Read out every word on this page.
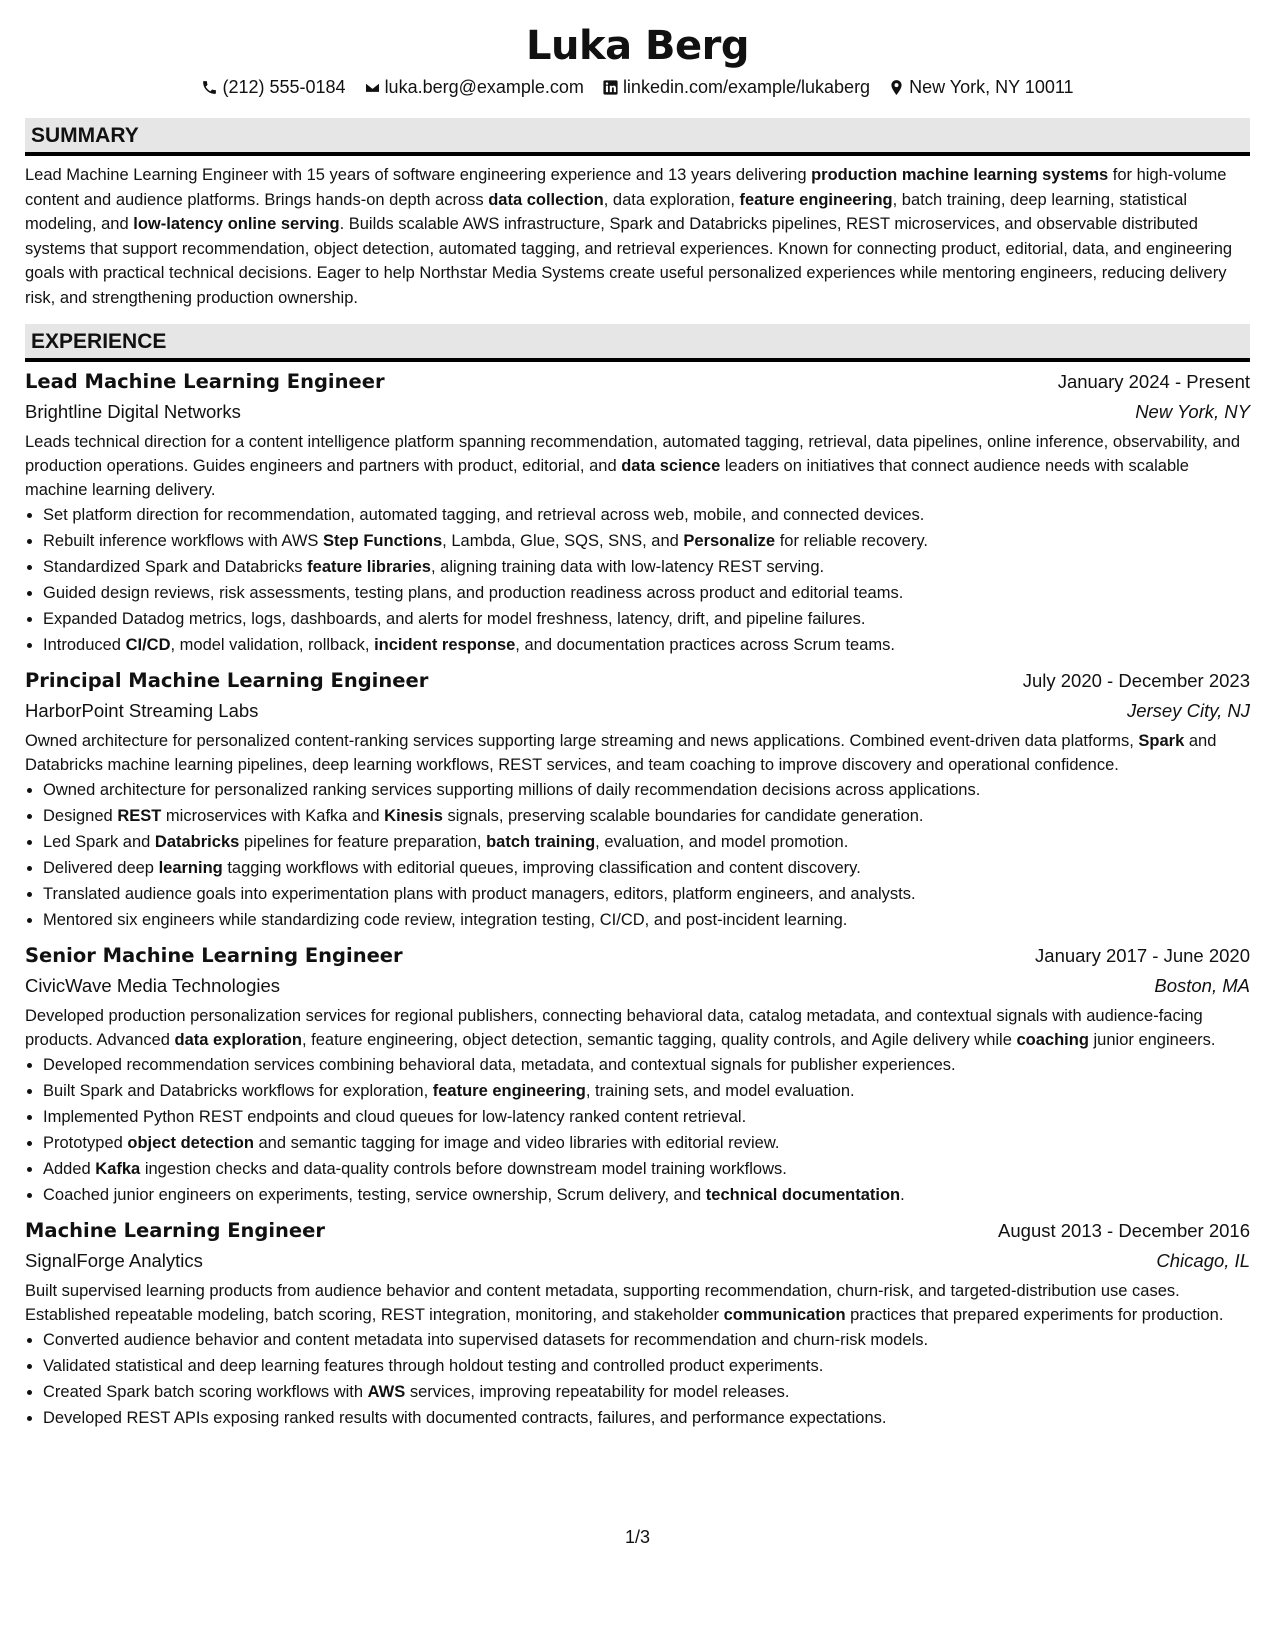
Luka Berg
(212) 555-0184 luka.berg@example.com linkedin.com/example/lukaberg New York, NY 10011
SUMMARY
Lead Machine Learning Engineer with 15 years of software engineering experience and 13 years delivering production machine learning systems for high-volume content and audience platforms. Brings hands-on depth across data collection, data exploration, feature engineering, batch training, deep learning, statistical modeling, and low-latency online serving. Builds scalable AWS infrastructure, Spark and Databricks pipelines, REST microservices, and observable distributed systems that support recommendation, object detection, automated tagging, and retrieval experiences. Known for connecting product, editorial, data, and engineering goals with practical technical decisions. Eager to help Northstar Media Systems create useful personalized experiences while mentoring engineers, reducing delivery risk, and strengthening production ownership.
EXPERIENCE
Lead Machine Learning Engineer	January 2024 - Present
Brightline Digital Networks	New York, NY
Leads technical direction for a content intelligence platform spanning recommendation, automated tagging, retrieval, data pipelines, online inference, observability, and production operations. Guides engineers and partners with product, editorial, and data science leaders on initiatives that connect audience needs with scalable machine learning delivery.
• Set platform direction for recommendation, automated tagging, and retrieval across web, mobile, and connected devices.
• Rebuilt inference workflows with AWS Step Functions, Lambda, Glue, SQS, SNS, and Personalize for reliable recovery.
• Standardized Spark and Databricks feature libraries, aligning training data with low-latency REST serving.
• Guided design reviews, risk assessments, testing plans, and production readiness across product and editorial teams.
• Expanded Datadog metrics, logs, dashboards, and alerts for model freshness, latency, drift, and pipeline failures.
• Introduced CI/CD, model validation, rollback, incident response, and documentation practices across Scrum teams.
Principal Machine Learning Engineer	July 2020 - December 2023
HarborPoint Streaming Labs	Jersey City, NJ
Owned architecture for personalized content-ranking services supporting large streaming and news applications. Combined event-driven data platforms, Spark and Databricks machine learning pipelines, deep learning workflows, REST services, and team coaching to improve discovery and operational confidence.
• Owned architecture for personalized ranking services supporting millions of daily recommendation decisions across applications.
• Designed REST microservices with Kafka and Kinesis signals, preserving scalable boundaries for candidate generation.
• Led Spark and Databricks pipelines for feature preparation, batch training, evaluation, and model promotion.
• Delivered deep learning tagging workflows with editorial queues, improving classification and content discovery.
• Translated audience goals into experimentation plans with product managers, editors, platform engineers, and analysts.
• Mentored six engineers while standardizing code review, integration testing, CI/CD, and post-incident learning.
Senior Machine Learning Engineer	January 2017 - June 2020
CivicWave Media Technologies	Boston, MA
Developed production personalization services for regional publishers, connecting behavioral data, catalog metadata, and contextual signals with audience-facing products. Advanced data exploration, feature engineering, object detection, semantic tagging, quality controls, and Agile delivery while coaching junior engineers.
• Developed recommendation services combining behavioral data, metadata, and contextual signals for publisher experiences.
• Built Spark and Databricks workflows for exploration, feature engineering, training sets, and model evaluation.
• Implemented Python REST endpoints and cloud queues for low-latency ranked content retrieval.
• Prototyped object detection and semantic tagging for image and video libraries with editorial review.
• Added Kafka ingestion checks and data-quality controls before downstream model training workflows.
• Coached junior engineers on experiments, testing, service ownership, Scrum delivery, and technical documentation.
Machine Learning Engineer	August 2013 - December 2016
SignalForge Analytics	Chicago, IL
Built supervised learning products from audience behavior and content metadata, supporting recommendation, churn-risk, and targeted-distribution use cases. Established repeatable modeling, batch scoring, REST integration, monitoring, and stakeholder communication practices that prepared experiments for production.
• Converted audience behavior and content metadata into supervised datasets for recommendation and churn-risk models.
• Validated statistical and deep learning features through holdout testing and controlled product experiments.
• Created Spark batch scoring workflows with AWS services, improving repeatability for model releases.
• Developed REST APIs exposing ranked results with documented contracts, failures, and performance expectations.
1/3
